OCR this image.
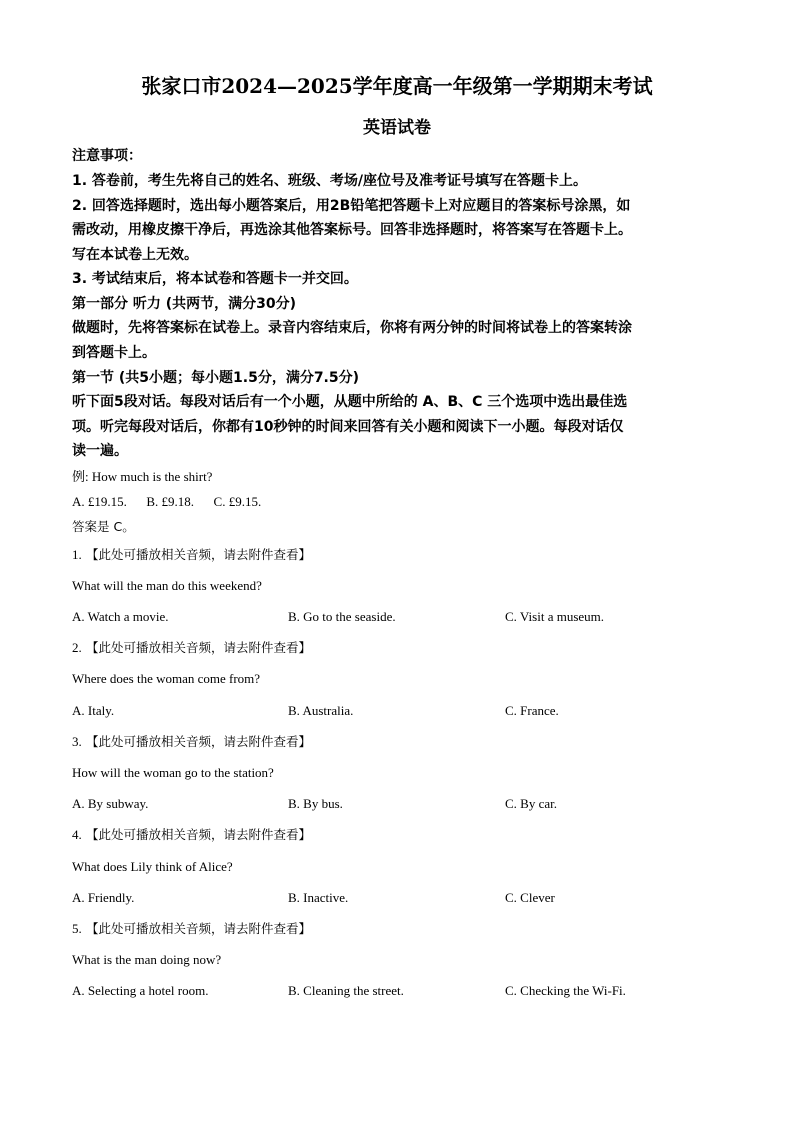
张家口市2024—2025学年度高一年级第一学期期末考试
英语试卷
注意事项：
1. 答卷前，考生先将自己的姓名、班级、考场/座位号及准考证号填写在答题卡上。
2. 回答选择题时，选出每小题答案后，用2B铅笔把答题卡上对应题目的答案标号涂黑，如
需改动，用橡皮擦干净后，再选涂其他答案标号。回答非选择题时，将答案写在答题卡上。
写在本试卷上无效。
3. 考试结束后，将本试卷和答题卡一并交回。
第一部分 听力 (共两节，满分30分)
做题时，先将答案标在试卷上。录音内容结束后，你将有两分钟的时间将试卷上的答案转涂
到答题卡上。
第一节 (共5小题；每小题1.5分，满分7.5分)
听下面5段对话。每段对话后有一个小题，从题中所给的 A、B、C 三个选项中选出最佳选
项。听完每段对话后，你都有10秒钟的时间来回答有关小题和阅读下一小题。每段对话仅
读一遍。
例: How much is the shirt?
A. £19.15.      B. £9.18.      C. £9.15.
答案是 C。
1. 【此处可播放相关音频，请去附件查看】
What will the man do this weekend?
A. Watch a movie.	B. Go to the seaside.	C. Visit a museum.
2. 【此处可播放相关音频，请去附件查看】
Where does the woman come from?
A. Italy.	B. Australia.	C. France.
3. 【此处可播放相关音频，请去附件查看】
How will the woman go to the station?
A. By subway.	B. By bus.	C. By car.
4. 【此处可播放相关音频，请去附件查看】
What does Lily think of Alice?
A. Friendly.	B. Inactive.	C. Clever
5. 【此处可播放相关音频，请去附件查看】
What is the man doing now?
A. Selecting a hotel room.	B. Cleaning the street.	C. Checking the Wi-Fi.
